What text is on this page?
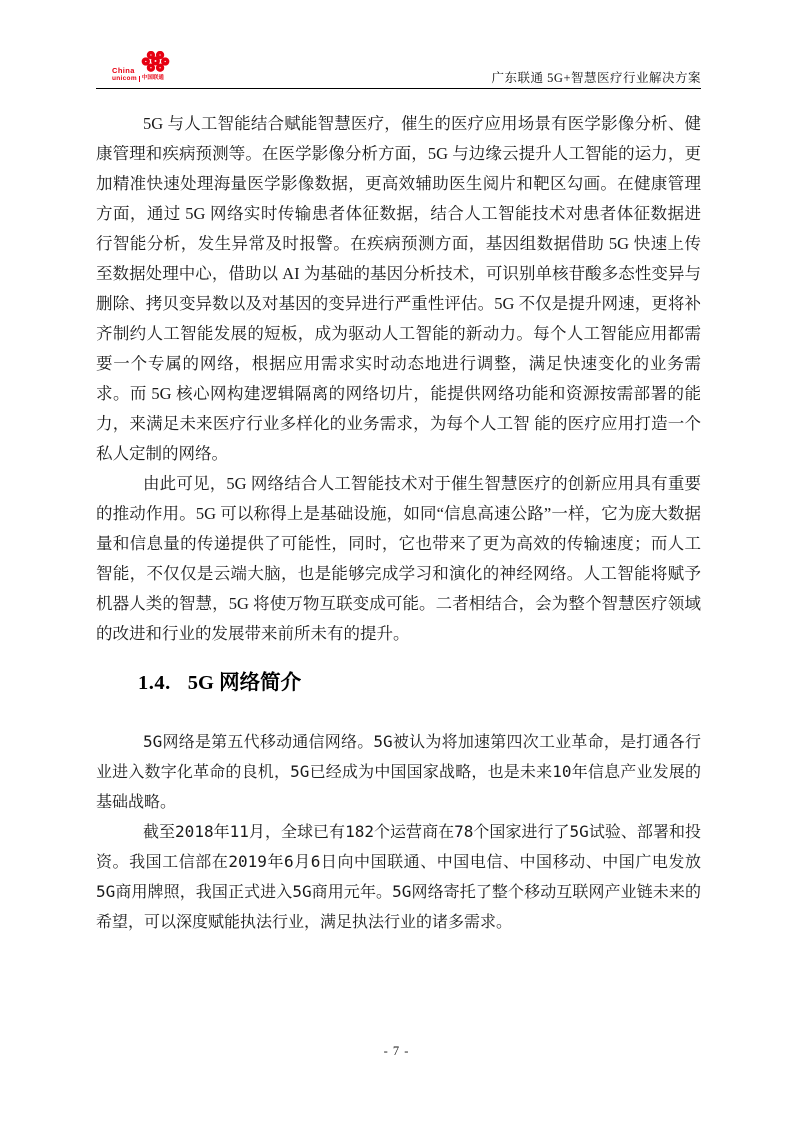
China
unicom 中国联通	广东联通 5G+智慧医疗行业解决方案

5G 与人工智能结合赋能智慧医疗，催生的医疗应用场景有医学影像分析、健康管理和疾病预测等。在医学影像分析方面，5G 与边缘云提升人工智能的运力，更加精准快速处理海量医学影像数据，更高效辅助医生阅片和靶区勾画。在健康管理方面，通过 5G 网络实时传输患者体征数据，结合人工智能技术对患者体征数据进行智能分析，发生异常及时报警。在疾病预测方面，基因组数据借助 5G 快速上传至数据处理中心，借助以 AI 为基础的基因分析技术，可识别单核苷酸多态性变异与删除、拷贝变异数以及对基因的变异进行严重性评估。5G 不仅是提升网速，更将补齐制约人工智能发展的短板，成为驱动人工智能的新动力。每个人工智能应用都需要一个专属的网络，根据应用需求实时动态地进行调整，满足快速变化的业务需求。而 5G 核心网构建逻辑隔离的网络切片，能提供网络功能和资源按需部署的能力，来满足未来医疗行业多样化的业务需求，为每个人工智 能的医疗应用打造一个私人定制的网络。

由此可见，5G 网络结合人工智能技术对于催生智慧医疗的创新应用具有重要的推动作用。5G 可以称得上是基础设施，如同“信息高速公路”一样，它为庞大数据量和信息量的传递提供了可能性，同时，它也带来了更为高效的传输速度；而人工智能，不仅仅是云端大脑，也是能够完成学习和演化的神经网络。人工智能将赋予机器人类的智慧，5G 将使万物互联变成可能。二者相结合，会为整个智慧医疗领域的改进和行业的发展带来前所未有的提升。

1.4. 5G 网络简介

5G网络是第五代移动通信网络。5G被认为将加速第四次工业革命，是打通各行业进入数字化革命的良机，5G已经成为中国国家战略，也是未来10年信息产业发展的基础战略。

截至2018年11月，全球已有182个运营商在78个国家进行了5G试验、部署和投资。我国工信部在2019年6月6日向中国联通、中国电信、中国移动、中国广电发放5G商用牌照，我国正式进入5G商用元年。5G网络寄托了整个移动互联网产业链未来的希望，可以深度赋能执法行业，满足执法行业的诸多需求。

- 7 -
